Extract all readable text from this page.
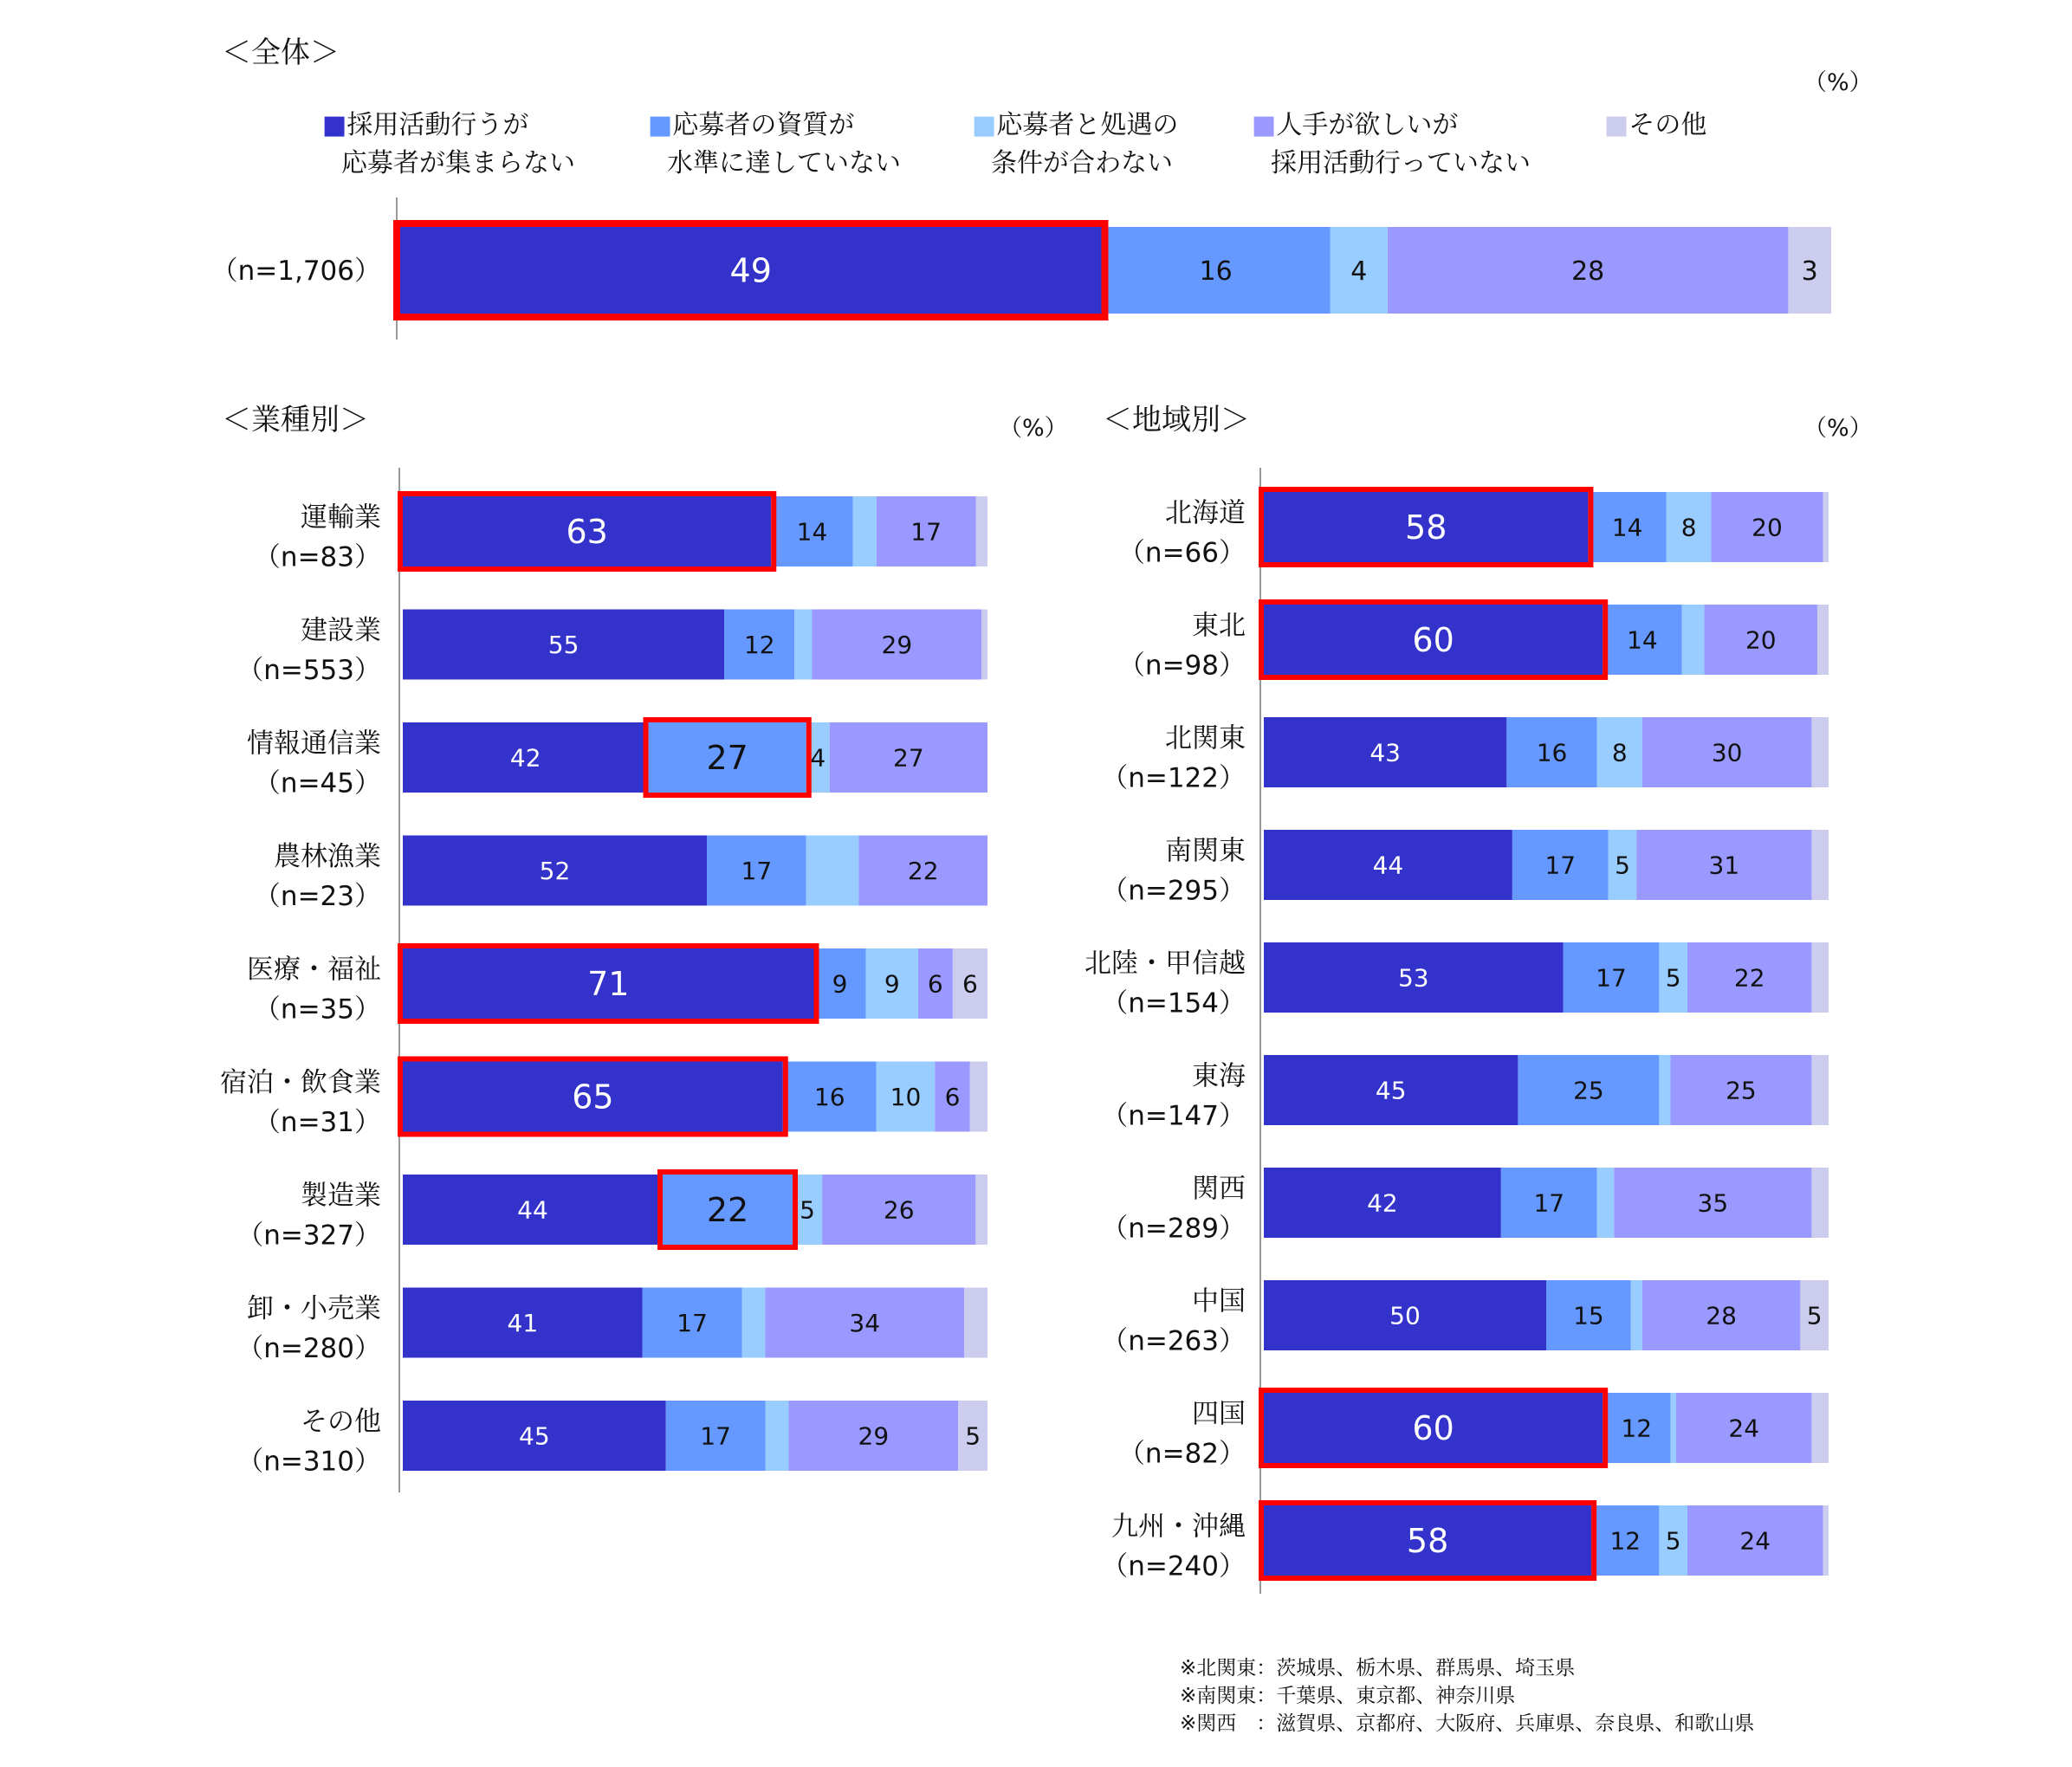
■採用活動行うが
応募者が集まらない
■応募者の資質が
水準に達していない
■応募者と処遇の
条件が合わない
■人手が欲しいが
採用活動行っていない
■その他
＜全体＞
（%）
49	16	4	28	3
（n=1,706）
＜業種別＞	（%）
63	14	17
運輸業
（n=83）
55	12	29
建設業
（n=553）
42	27	4	27
情報通信業
（n=45）
52	17	22
農林漁業
（n=23）
71	9 9 6 6
医療・福祉
（n=35）
65	16 10 6
宿泊・飲食業
（n=31）
44	22 5	26
製造業
（n=327）
41	17	34
卸・小売業
（n=280）
45	17	29	5
その他
（n=310）
＜地域別＞	（%）
58	14 8 20
北海道
（n=66）
60	14	20
東北
（n=98）
43	16 8	30
北関東
（n=122）
44	17 5	31
南関東
（n=295）
53	17 5 22
北陸・甲信越
（n=154）
45	25	25
東海
（n=147）
42	17	35
関西
（n=289）
50	15	28	5
中国
（n=263）
60	12	24
四国
（n=82）
58	12 5 24
九州・沖縄
（n=240）
※北関東：茨城県、栃木県、群馬県、埼玉県
※南関東：千葉県、東京都、神奈川県
※関西　：滋賀県、京都府、大阪府、兵庫県、奈良県、和歌山県
